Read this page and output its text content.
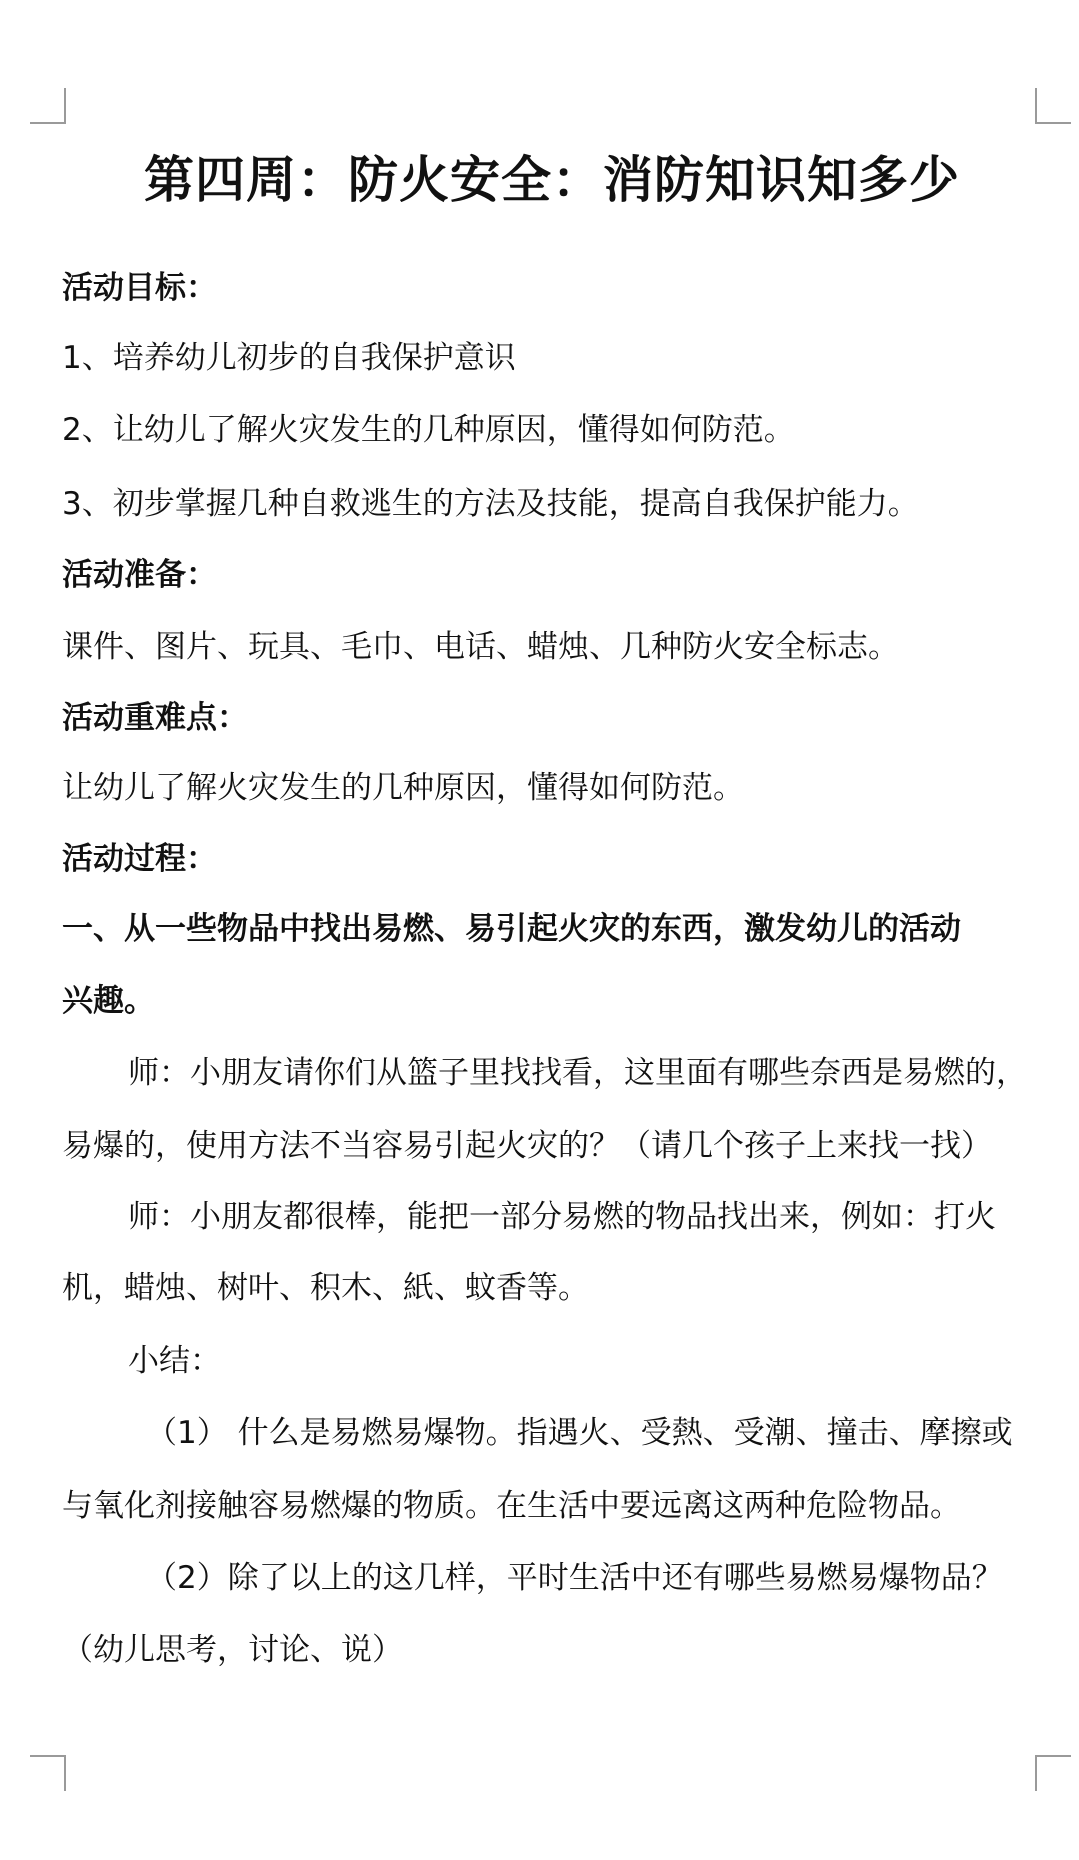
第四周：防火安全：消防知识知多少
活动目标：
1、培养幼儿初步的自我保护意识
2、让幼儿了解火灾发生的几种原因，懂得如何防范。
3、初步掌握几种自救逃生的方法及技能，提高自我保护能力。
活动准备：
课件、图片、玩具、毛巾、电话、蜡烛、几种防火安全标志。
活动重难点：
让幼儿了解火灾发生的几种原因，懂得如何防范。
活动过程：
一、从一些物品中找出易燃、易引起火灾的东西，激发幼儿的活动
兴趣。
师：小朋友请你们从篮子里找找看，这里面有哪些奈西是易燃的，
易爆的，使用方法不当容易引起火灾的？（请几个孩子上来找一找）
师：小朋友都很棒，能把一部分易燃的物品找出来，例如：打火
机，蜡烛、树叶、积木、紙、蚊香等。
小结：
（1） 什么是易燃易爆物。指遇火、受熱、受潮、撞击、摩擦或
与氧化剂接触容易燃爆的物质。在生活中要远离这两种危险物品。
（2）除了以上的这几样，平时生活中还有哪些易燃易爆物品？
（幼儿思考，讨论、说）
